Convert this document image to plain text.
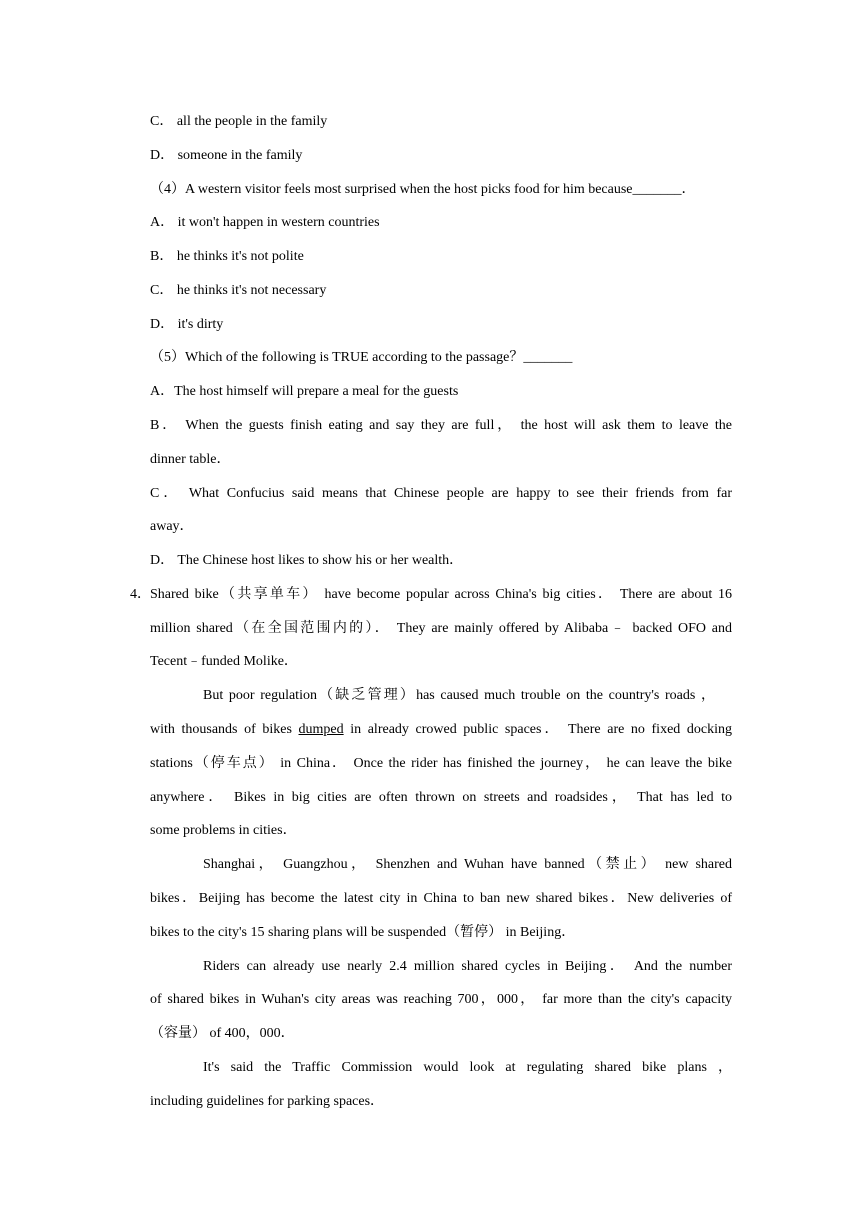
C． all the people in the family
D． someone in the family
（4）A western visitor feels most surprised when the host picks food for him because_______．
A． it won't happen in western countries
B． he thinks it's not polite
C． he thinks it's not necessary
D． it's dirty
（5）Which of the following is TRUE according to the passage？_______
A．The host himself will prepare a meal for the guests
B． When the guests finish eating and say they are full， the host will ask them to leave the
dinner table．
C． What Confucius said means that Chinese people are happy to see their friends from far
away．
D． The Chinese host likes to show his or her wealth．
4． Shared bike（共享单车） have become popular across China's big cities． There are about 16
million shared（在全国范围内的）． They are mainly offered by Alibaba﹣ backed OFO and
Tecent﹣funded Molike．
But poor regulation（缺乏管理）has caused much trouble on the country's roads ，
with thousands of bikes dumped in already crowed public spaces． There are no fixed docking
stations（停车点） in China． Once the rider has finished the journey， he can leave the bike
anywhere． Bikes in big cities are often thrown on streets and roadsides， That has led to
some problems in cities．
Shanghai， Guangzhou， Shenzhen and Wuhan have banned（禁止） new shared
bikes．Beijing has become the latest city in China to ban new shared bikes．New deliveries of
bikes to the city's 15 sharing plans will be suspended（暂停） in Beijing．
Riders can already use nearly 2.4 million shared cycles in Beijing． And the number
of shared bikes in Wuhan's city areas was reaching 700，000， far more than the city's capacity
（容量） of 400，000．
It's said the Traffic Commission would look at regulating shared bike plans ，
including guidelines for parking spaces．
